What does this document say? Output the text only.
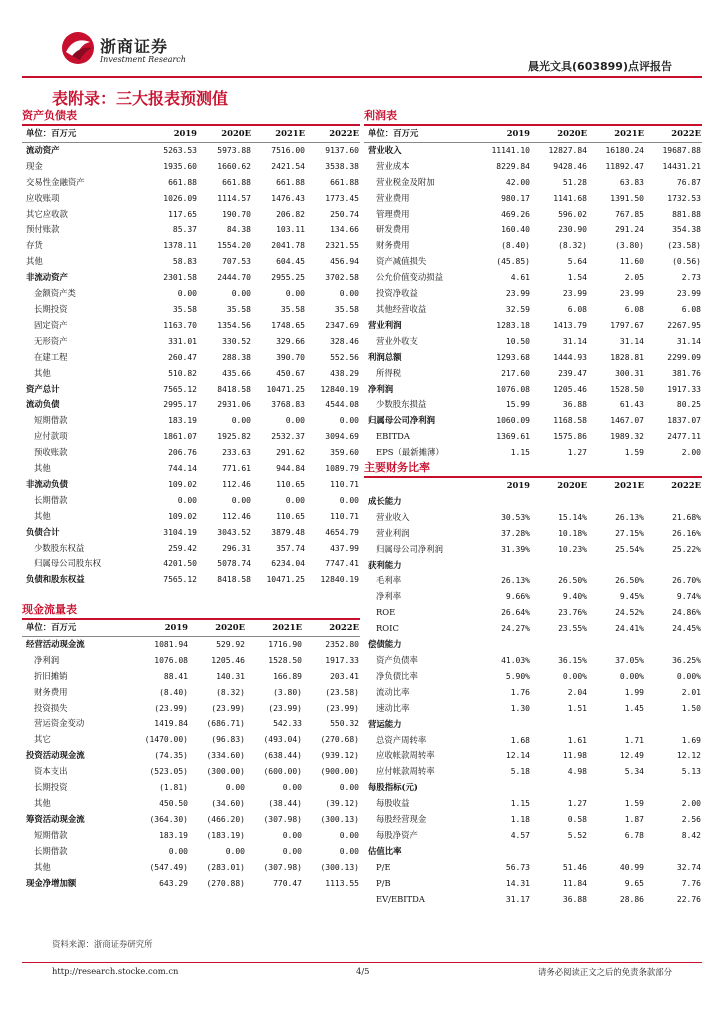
浙商证券
Investment Research
晨光文具(603899)点评报告
表附录：三大报表预测值
资产负债表
单位：百万元	2019	2020E	2021E	2022E
流动资产	5263.53	5973.88	7516.00	9137.60
现金	1935.60	1660.62	2421.54	3538.38
交易性金融资产	661.88	661.88	661.88	661.88
应收账项	1026.09	1114.57	1476.43	1773.45
其它应收款	117.65	190.70	206.82	250.74
预付账款	85.37	84.38	103.11	134.66
存货	1378.11	1554.20	2041.78	2321.55
其他	58.83	707.53	604.45	456.94
非流动资产	2301.58	2444.70	2955.25	3702.58
金额资产类	0.00	0.00	0.00	0.00
长期投资	35.58	35.58	35.58	35.58
固定资产	1163.70	1354.56	1748.65	2347.69
无形资产	331.01	330.52	329.66	328.46
在建工程	260.47	288.38	390.70	552.56
其他	510.82	435.66	450.67	438.29
资产总计	7565.12	8418.58	10471.25	12840.19
流动负债	2995.17	2931.06	3768.83	4544.08
短期借款	183.19	0.00	0.00	0.00
应付款项	1861.07	1925.82	2532.37	3094.69
预收账款	206.76	233.63	291.62	359.60
其他	744.14	771.61	944.84	1089.79
非流动负债	109.02	112.46	110.65	110.71
长期借款	0.00	0.00	0.00	0.00
其他	109.02	112.46	110.65	110.71
负债合计	3104.19	3043.52	3879.48	4654.79
少数股东权益	259.42	296.31	357.74	437.99
归属母公司股东权	4201.50	5078.74	6234.04	7747.41
负债和股东权益	7565.12	8418.58	10471.25	12840.19
现金流量表
单位：百万元	2019	2020E	2021E	2022E
经营活动现金流	1081.94	529.92	1716.90	2352.80
净利润	1076.08	1205.46	1528.50	1917.33
折旧摊销	88.41	140.31	166.89	203.41
财务费用	(8.40)	(8.32)	(3.80)	(23.58)
投资损失	(23.99)	(23.99)	(23.99)	(23.99)
营运资金变动	1419.84	(686.71)	542.33	550.32
其它	(1470.00)	(96.83)	(493.04)	(270.68)
投资活动现金流	(74.35)	(334.60)	(638.44)	(939.12)
资本支出	(523.05)	(300.00)	(600.00)	(900.00)
长期投资	(1.81)	0.00	0.00	0.00
其他	450.50	(34.60)	(38.44)	(39.12)
筹资活动现金流	(364.30)	(466.20)	(307.98)	(300.13)
短期借款	183.19	(183.19)	0.00	0.00
长期借款	0.00	0.00	0.00	0.00
其他	(547.49)	(283.01)	(307.98)	(300.13)
现金净增加额	643.29	(270.88)	770.47	1113.55
利润表
单位：百万元	2019	2020E	2021E	2022E
营业收入	11141.10	12827.84	16180.24	19687.88
营业成本	8229.84	9428.46	11892.47	14431.21
营业税金及附加	42.00	51.28	63.83	76.87
营业费用	980.17	1141.68	1391.50	1732.53
管理费用	469.26	596.02	767.85	881.88
研发费用	160.40	230.90	291.24	354.38
财务费用	(8.40)	(8.32)	(3.80)	(23.58)
资产减值损失	(45.85)	5.64	11.60	(0.56)
公允价值变动损益	4.61	1.54	2.05	2.73
投资净收益	23.99	23.99	23.99	23.99
其他经营收益	32.59	6.08	6.08	6.08
营业利润	1283.18	1413.79	1797.67	2267.95
营业外收支	10.50	31.14	31.14	31.14
利润总额	1293.68	1444.93	1828.81	2299.09
所得税	217.60	239.47	300.31	381.76
净利润	1076.08	1205.46	1528.50	1917.33
少数股东损益	15.99	36.88	61.43	80.25
归属母公司净利润	1060.09	1168.58	1467.07	1837.07
EBITDA	1369.61	1575.86	1989.32	2477.11
EPS（最新摊薄）	1.15	1.27	1.59	2.00
主要财务比率
	2019	2020E	2021E	2022E
成长能力				
营业收入	30.53%	15.14%	26.13%	21.68%
营业利润	37.28%	10.18%	27.15%	26.16%
归属母公司净利润	31.39%	10.23%	25.54%	25.22%
获利能力				
毛利率	26.13%	26.50%	26.50%	26.70%
净利率	9.66%	9.40%	9.45%	9.74%
ROE	26.64%	23.76%	24.52%	24.86%
ROIC	24.27%	23.55%	24.41%	24.45%
偿债能力				
资产负债率	41.03%	36.15%	37.05%	36.25%
净负债比率	5.90%	0.00%	0.00%	0.00%
流动比率	1.76	2.04	1.99	2.01
速动比率	1.30	1.51	1.45	1.50
营运能力				
总资产周转率	1.68	1.61	1.71	1.69
应收帐款周转率	12.14	11.98	12.49	12.12
应付帐款周转率	5.18	4.98	5.34	5.13
每股指标(元)				
每股收益	1.15	1.27	1.59	2.00
每股经营现金	1.18	0.58	1.87	2.56
每股净资产	4.57	5.52	6.78	8.42
估值比率				
P/E	56.73	51.46	40.99	32.74
P/B	14.31	11.84	9.65	7.76
EV/EBITDA	31.17	36.88	28.86	22.76
资料来源：浙商证券研究所
http://research.stocke.com.cn	4/5	请务必阅读正文之后的免责条款部分
